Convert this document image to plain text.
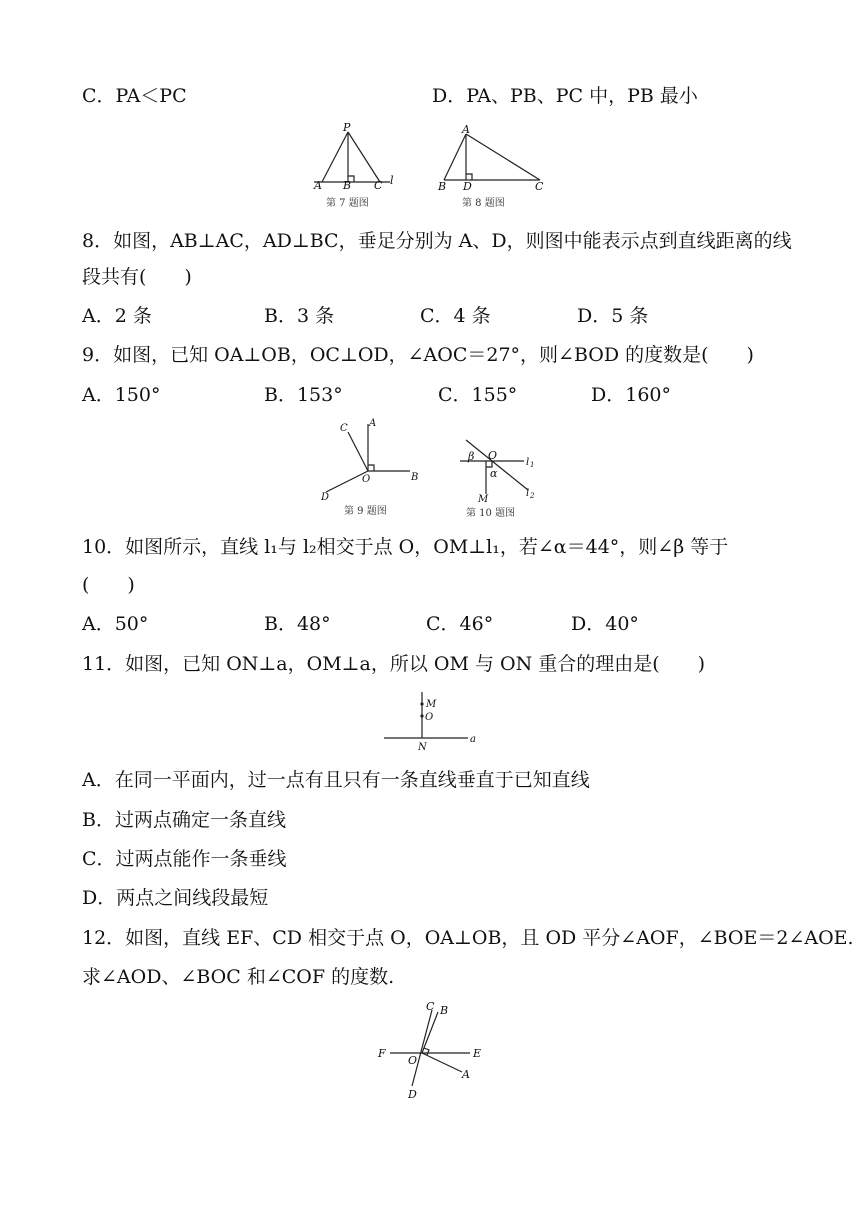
C．PA＜PC	D．PA、PB、PC 中，PB 最小
P
A B C l
第 7 题图
A
B D	C
第 8 题图
8．如图，AB⊥AC，AD⊥BC，垂足分别为 A、D，则图中能表示点到直线距离的线
段共有(　　)
A．2 条	B．3 条	C．4 条	D．5 条
9．如图，已知 OA⊥OB，OC⊥OD，∠AOC＝27°，则∠BOD 的度数是(　　)
A．150°	B．153°	C．155°	D．160°
C A
O	B
D
第 9 题图
β O
α
l 1
l 2
M
第 10 题图
10．如图所示，直线 l₁与 l₂相交于点 O，OM⊥l₁，若∠α＝44°，则∠β 等于
(　　)
A．50°	B．48°	C．46°	D．40°
11．如图，已知 ON⊥a，OM⊥a，所以 OM 与 ON 重合的理由是(　　)
M
O
N
a
A．在同一平面内，过一点有且只有一条直线垂直于已知直线
B．过两点确定一条直线
C．过两点能作一条垂线
D．两点之间线段最短
12．如图，直线 EF、CD 相交于点 O，OA⊥OB，且 OD 平分∠AOF，∠BOE＝2∠AOE.
求∠AOD、∠BOC 和∠COF 的度数.
C B
F
O
E
A
D
